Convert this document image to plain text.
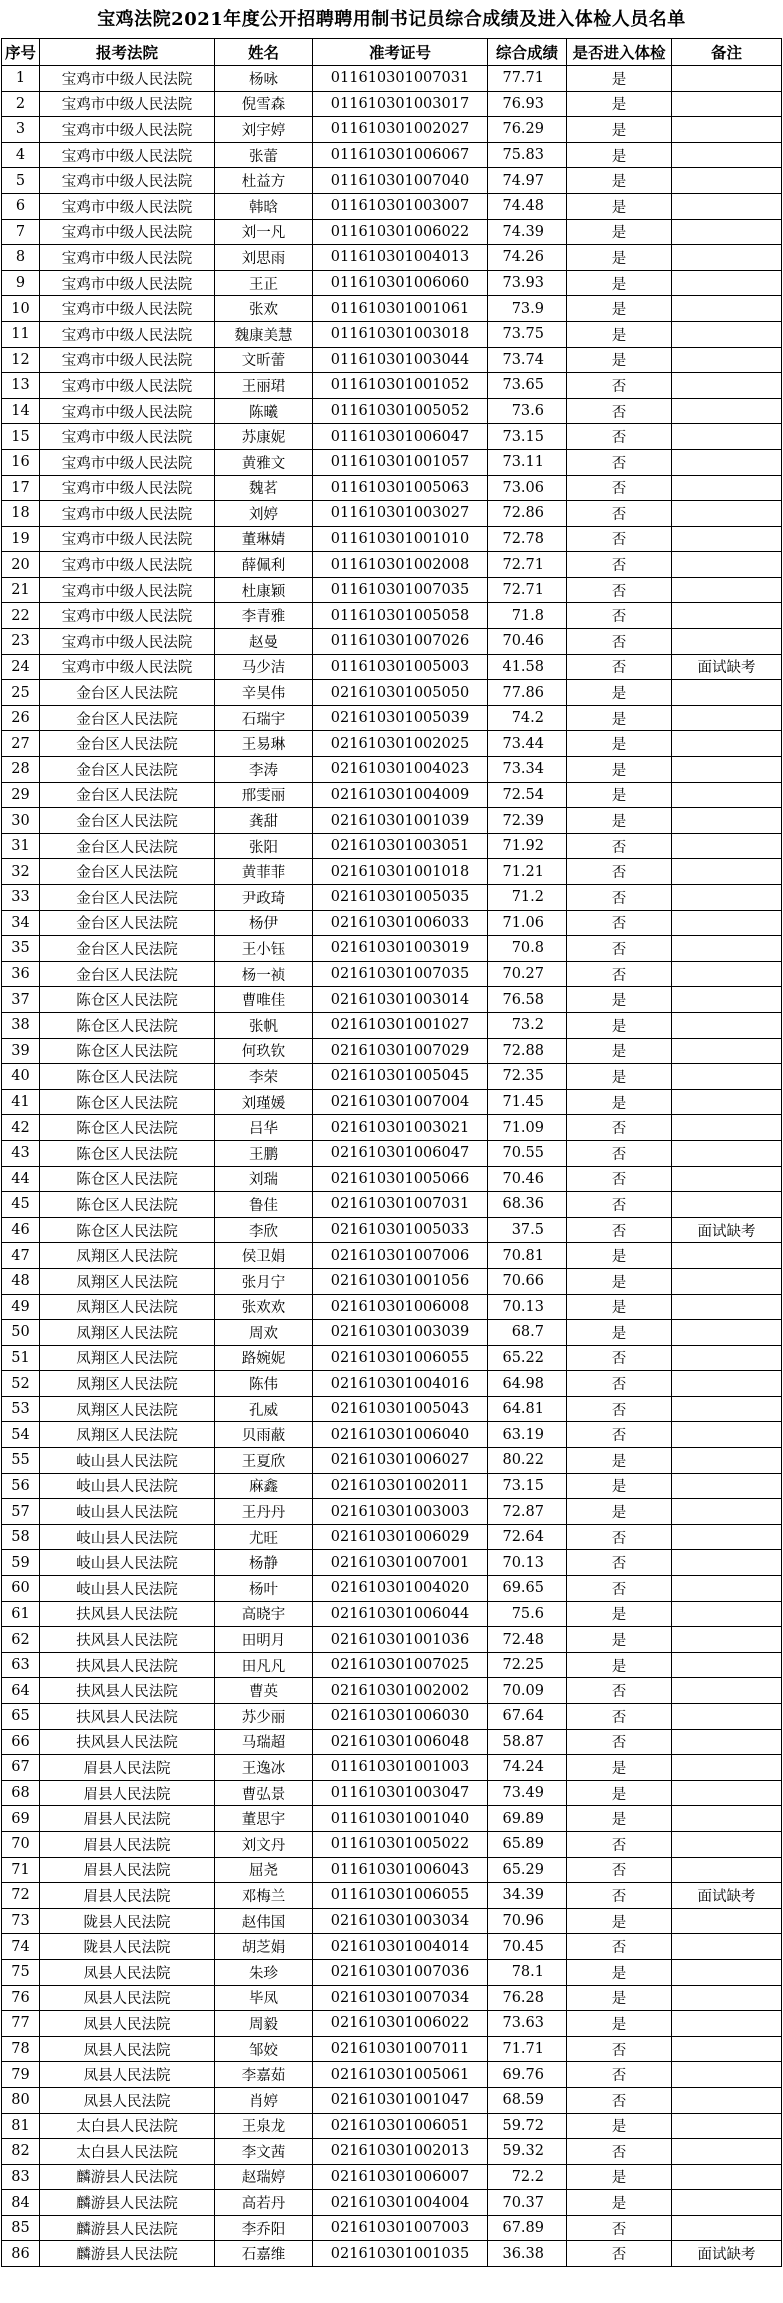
宝鸡法院2021年度公开招聘聘用制书记员综合成绩及进入体检人员名单
序号	报考法院	姓名	准考证号	综合成绩	是否进入体检	备注
1	宝鸡市中级人民法院	杨咏	011610301007031	77.71	是	
2	宝鸡市中级人民法院	倪雪森	011610301003017	76.93	是	
3	宝鸡市中级人民法院	刘宇婷	011610301002027	76.29	是	
4	宝鸡市中级人民法院	张蕾	011610301006067	75.83	是	
5	宝鸡市中级人民法院	杜益方	011610301007040	74.97	是	
6	宝鸡市中级人民法院	韩晗	011610301003007	74.48	是	
7	宝鸡市中级人民法院	刘一凡	011610301006022	74.39	是	
8	宝鸡市中级人民法院	刘思雨	011610301004013	74.26	是	
9	宝鸡市中级人民法院	王正	011610301006060	73.93	是	
10	宝鸡市中级人民法院	张欢	011610301001061	73.9	是	
11	宝鸡市中级人民法院	魏康美慧	011610301003018	73.75	是	
12	宝鸡市中级人民法院	文昕蕾	011610301003044	73.74	是	
13	宝鸡市中级人民法院	王丽珺	011610301001052	73.65	否	
14	宝鸡市中级人民法院	陈曦	011610301005052	73.6	否	
15	宝鸡市中级人民法院	苏康妮	011610301006047	73.15	否	
16	宝鸡市中级人民法院	黄雅文	011610301001057	73.11	否	
17	宝鸡市中级人民法院	魏茗	011610301005063	73.06	否	
18	宝鸡市中级人民法院	刘婷	011610301003027	72.86	否	
19	宝鸡市中级人民法院	董琳婧	011610301001010	72.78	否	
20	宝鸡市中级人民法院	薛佩利	011610301002008	72.71	否	
21	宝鸡市中级人民法院	杜康颖	011610301007035	72.71	否	
22	宝鸡市中级人民法院	李青雅	011610301005058	71.8	否	
23	宝鸡市中级人民法院	赵曼	011610301007026	70.46	否	
24	宝鸡市中级人民法院	马少洁	011610301005003	41.58	否	面试缺考
25	金台区人民法院	辛昊伟	021610301005050	77.86	是	
26	金台区人民法院	石瑞宇	021610301005039	74.2	是	
27	金台区人民法院	王易琳	021610301002025	73.44	是	
28	金台区人民法院	李涛	021610301004023	73.34	是	
29	金台区人民法院	邢雯丽	021610301004009	72.54	是	
30	金台区人民法院	龚甜	021610301001039	72.39	是	
31	金台区人民法院	张阳	021610301003051	71.92	否	
32	金台区人民法院	黄菲菲	021610301001018	71.21	否	
33	金台区人民法院	尹政琦	021610301005035	71.2	否	
34	金台区人民法院	杨伊	021610301006033	71.06	否	
35	金台区人民法院	王小钰	021610301003019	70.8	否	
36	金台区人民法院	杨一祯	021610301007035	70.27	否	
37	陈仓区人民法院	曹唯佳	021610301003014	76.58	是	
38	陈仓区人民法院	张帆	021610301001027	73.2	是	
39	陈仓区人民法院	何玖钦	021610301007029	72.88	是	
40	陈仓区人民法院	李荣	021610301005045	72.35	是	
41	陈仓区人民法院	刘瑾媛	021610301007004	71.45	是	
42	陈仓区人民法院	吕华	021610301003021	71.09	否	
43	陈仓区人民法院	王鹏	021610301006047	70.55	否	
44	陈仓区人民法院	刘瑞	021610301005066	70.46	否	
45	陈仓区人民法院	鲁佳	021610301007031	68.36	否	
46	陈仓区人民法院	李欣	021610301005033	37.5	否	面试缺考
47	凤翔区人民法院	侯卫娟	021610301007006	70.81	是	
48	凤翔区人民法院	张月宁	021610301001056	70.66	是	
49	凤翔区人民法院	张欢欢	021610301006008	70.13	是	
50	凤翔区人民法院	周欢	021610301003039	68.7	是	
51	凤翔区人民法院	路婉妮	021610301006055	65.22	否	
52	凤翔区人民法院	陈伟	021610301004016	64.98	否	
53	凤翔区人民法院	孔威	021610301005043	64.81	否	
54	凤翔区人民法院	贝雨蔽	021610301006040	63.19	否	
55	岐山县人民法院	王夏欣	021610301006027	80.22	是	
56	岐山县人民法院	麻鑫	021610301002011	73.15	是	
57	岐山县人民法院	王丹丹	021610301003003	72.87	是	
58	岐山县人民法院	尤旺	021610301006029	72.64	否	
59	岐山县人民法院	杨静	021610301007001	70.13	否	
60	岐山县人民法院	杨叶	021610301004020	69.65	否	
61	扶风县人民法院	高晓宇	021610301006044	75.6	是	
62	扶风县人民法院	田明月	021610301001036	72.48	是	
63	扶风县人民法院	田凡凡	021610301007025	72.25	是	
64	扶风县人民法院	曹英	021610301002002	70.09	否	
65	扶风县人民法院	苏少丽	021610301006030	67.64	否	
66	扶风县人民法院	马瑞超	021610301006048	58.87	否	
67	眉县人民法院	王逸冰	011610301001003	74.24	是	
68	眉县人民法院	曹弘景	011610301003047	73.49	是	
69	眉县人民法院	董思宇	011610301001040	69.89	是	
70	眉县人民法院	刘文丹	011610301005022	65.89	否	
71	眉县人民法院	屈尧	011610301006043	65.29	否	
72	眉县人民法院	邓梅兰	011610301006055	34.39	否	面试缺考
73	陇县人民法院	赵伟国	021610301003034	70.96	是	
74	陇县人民法院	胡芝娟	021610301004014	70.45	否	
75	凤县人民法院	朱珍	021610301007036	78.1	是	
76	凤县人民法院	毕凤	021610301007034	76.28	是	
77	凤县人民法院	周毅	021610301006022	73.63	是	
78	凤县人民法院	邹姣	021610301007011	71.71	否	
79	凤县人民法院	李嘉茹	021610301005061	69.76	否	
80	凤县人民法院	肖婷	021610301001047	68.59	否	
81	太白县人民法院	王泉龙	021610301006051	59.72	是	
82	太白县人民法院	李文茜	021610301002013	59.32	否	
83	麟游县人民法院	赵瑞婷	021610301006007	72.2	是	
84	麟游县人民法院	高若丹	021610301004004	70.37	是	
85	麟游县人民法院	李乔阳	021610301007003	67.89	否	
86	麟游县人民法院	石嘉维	021610301001035	36.38	否	面试缺考
